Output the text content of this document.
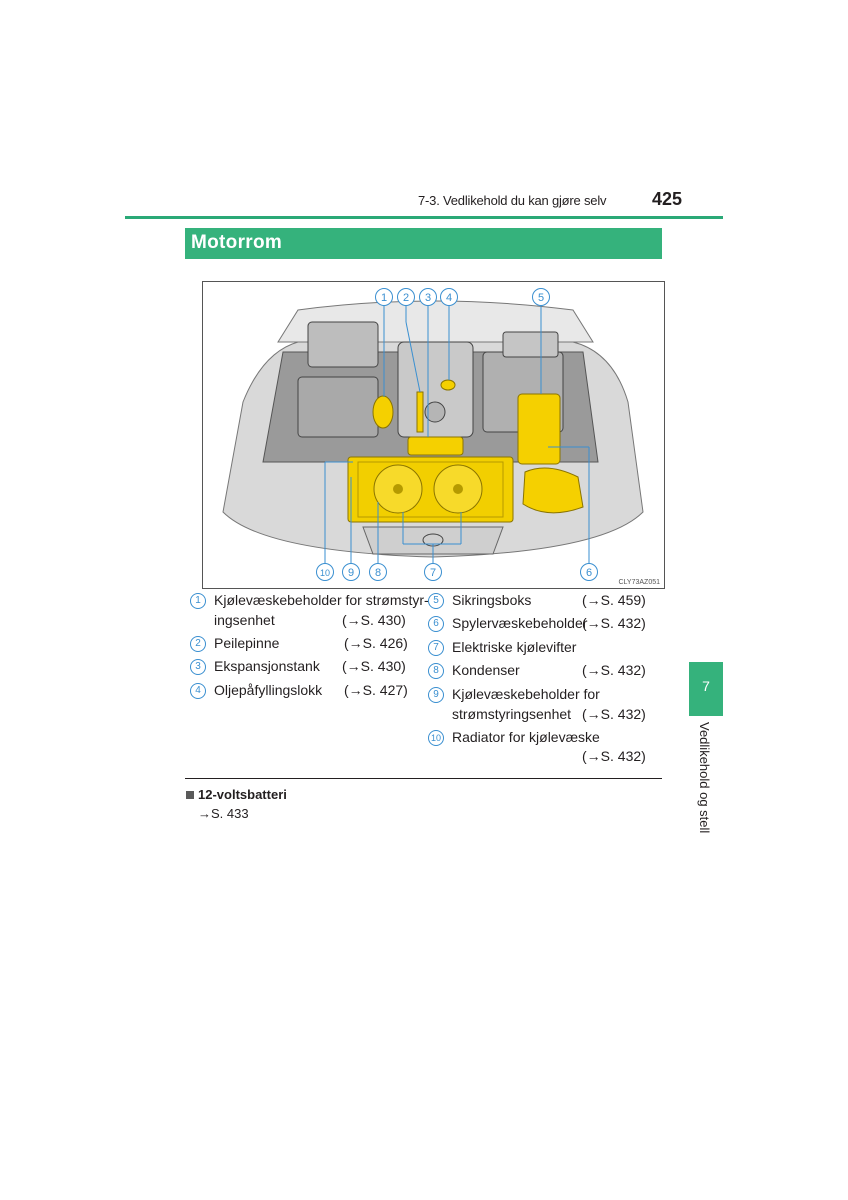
7-3. Vedlikehold du kan gjøre selv	425
Motorrom
1 2 3 4	5
6
7
8
9
10
CLY73AZ051
1 Kjølevæskebeholder for strømstyr-
ingsenhet	(→S. 430)
2 Peilepinne	(→S. 426)
3 Ekspansjonstank (→S. 430)
4 Oljepåfyllingslokk (→S. 427)
5 Sikringsboks	(→S. 459)
6 Spylervæskebeholder
(→S. 432)
7 Elektriske kjølevifter
8 Kondenser	(→S. 432)
9 Kjølevæskebeholder for
strømstyringsenhet (→S. 432)
10 Radiator for kjølevæske
(→S. 432)
12-voltsbatteri
→S. 433
7
Vedlikehold og stell
